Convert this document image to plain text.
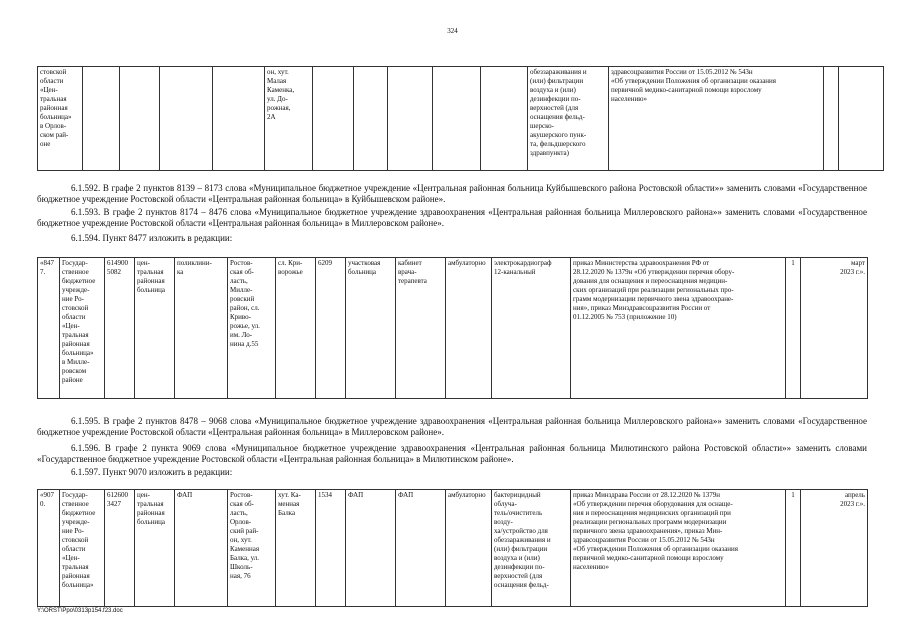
324
стовской
области
«Цен-
тральная
районная
больница»
в Орлов-
ском рай-
оне					он, хут.
Малая
Каменка,
ул. До-
рожная,
2А						обеззараживания и
(или) фильтрации
воздуха и (или)
дезинфекции по-
верхностей (для
оснащения фельд-
шерско-
акушерского пунк-
та, фельдшерского
здравпункта)	здравсоцразвития России от 15.05.2012 № 543н
«Об утверждении Положения об организации оказания
первичной медико-санитарной помощи взрослому
населению»		

6.1.592. В графе 2 пунктов 8139 – 8173 слова «Муниципальное бюджетное учреждение «Центральная районная больница Куйбышевского района Ростовской области»» заменить словами «Государственное бюджетное учреждение Ростовской области «Центральная районная больница» в Куйбышевском районе».

6.1.593. В графе 2 пунктов 8174 – 8476 слова «Муниципальное бюджетное учреждение здравоохранения «Центральная районная больница Миллеровского района»» заменить словами «Государственное бюджетное учреждение Ростовской области «Центральная районная больница» в Миллеровском районе».

6.1.594. Пункт 8477 изложить в редакции:

«8477.	Государ-
ственное
бюджетное
учрежде-
ние Ро-
стовской
области
«Цен-
тральная
районная
больница»
в Милле-
ровском
районе	614900
5082	цен-
тральная
районная
больница	поликлини-
ка	Ростов-
ская об-
ласть,
Милле-
ровский
район, сл.
Криво-
рожье, ул.
им. Ло-
нина д.55	сл. Кри-
ворожье	6209	участковая
больница	кабинет
врача-
терапевта	амбулаторно	электрокардиограф
12-канальный	приказ Министерства здравоохранения РФ от
28.12.2020 № 1379н «Об утверждении перечня обору-
дования для оснащения и переоснащения медицин-
ских организаций при реализации региональных про-
грамм модернизации первичного звена здравоохране-
ния», приказ Минздравсоцразвития России от
01.12.2005 № 753 (приложение 10)	1	март
2023 г.».

6.1.595. В графе 2 пунктов 8478 – 9068 слова «Муниципальное бюджетное учреждение здравоохранения «Центральная районная больница Миллеровского района»» заменить словами «Государственное бюджетное учреждение Ростовской области «Центральная районная больница» в Миллеровском районе».

6.1.596. В графе 2 пункта 9069 слова «Муниципальное бюджетное учреждение здравоохранения «Центральная районная больница Милютинского района Ростовской области»» заменить словами «Государственное бюджетное учреждение Ростовской области «Центральная районная больница» в Милютинском районе».

6.1.597. Пункт 9070 изложить в редакции:

«9070.	Государ-
ственное
бюджетное
учрежде-
ние Ро-
стовской
области
«Цен-
тральная
районная
больница»	612600
3427	цен-
тральная
районная
больница	ФАП	Ростов-
ская об-
ласть,
Орлов-
ский рай-
он, хут.
Каменная
Балка, ул.
Школь-
ная, 76	хут. Ка-
менная
Балка	1534	ФАП	ФАП	амбулаторно	бактерицидный
облуча-
тель/очиститель
возду-
ха/устройство для
обеззараживания и
(или) фильтрации
воздуха и (или)
дезинфекции по-
верхностей (для
оснащения фельд-	приказ Минздрава России от 28.12.2020 № 1379н
«Об утверждении перечня оборудования для оснаще-
ния и переоснащения медицинских организаций при
реализации региональных программ модернизации
первичного звена здравоохранения», приказ Мин-
здравсоцразвития России от 15.05.2012 № 543н
«Об утверждении Положения об организации оказания
первичной медико-санитарной помощи взрослому
населению»	1	апрель
2023 г.».
Y:\ORST\Ppo\0313p154.f23.doc
